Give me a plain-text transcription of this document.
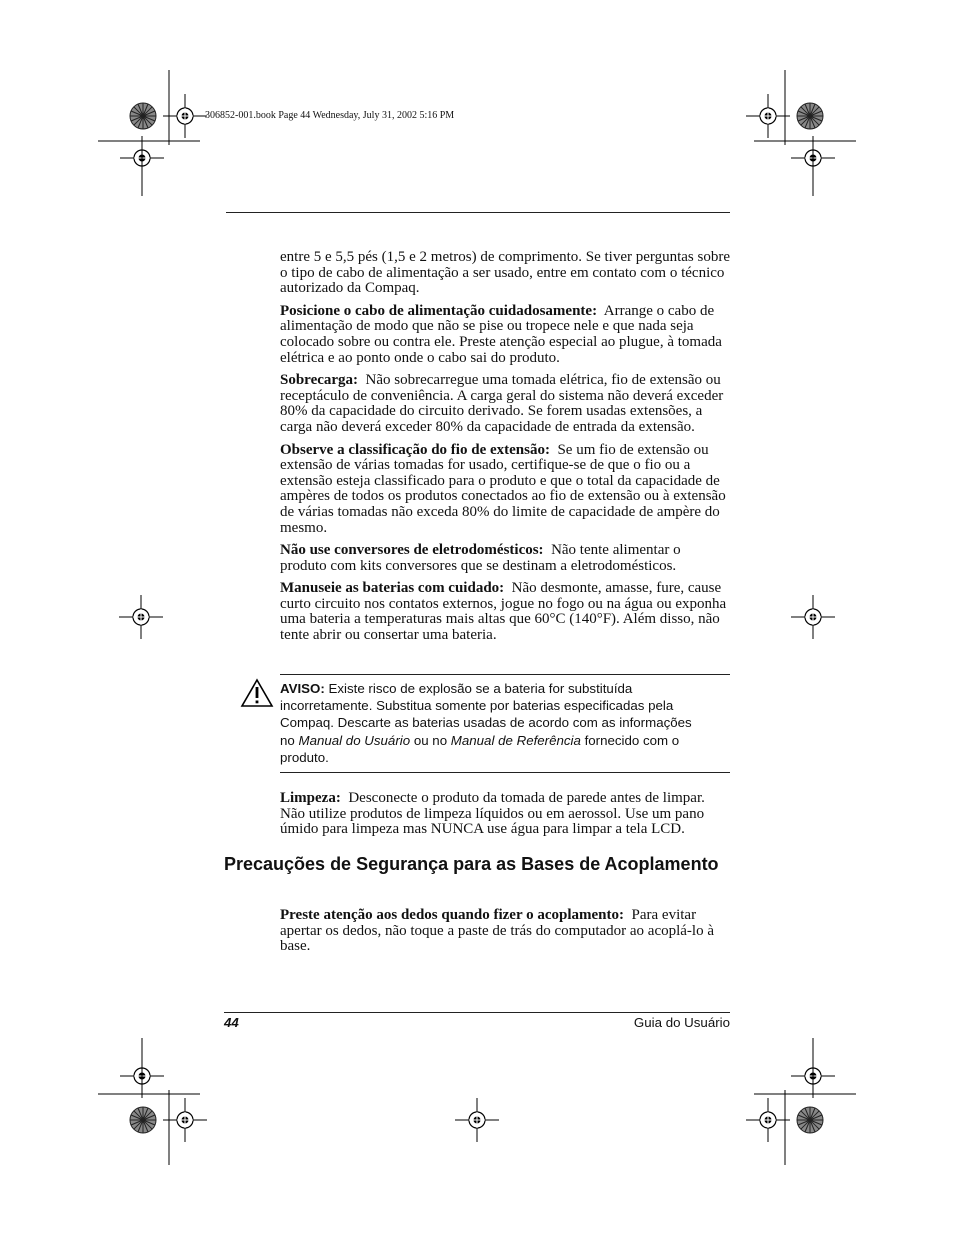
306852-001.book Page 44 Wednesday, July 31, 2002 5:16 PM

entre 5 e 5,5 pés (1,5 e 2 metros) de comprimento. Se tiver perguntas sobre o tipo de cabo de alimentação a ser usado, entre em contato com o técnico autorizado da Compaq.

Posicione o cabo de alimentação cuidadosamente: Arrange o cabo de alimentação de modo que não se pise ou tropece nele e que nada seja colocado sobre ou contra ele. Preste atenção especial ao plugue, à tomada elétrica e ao ponto onde o cabo sai do produto.

Sobrecarga: Não sobrecarregue uma tomada elétrica, fio de extensão ou receptáculo de conveniência. A carga geral do sistema não deverá exceder 80% da capacidade do circuito derivado. Se forem usadas extensões, a carga não deverá exceder 80% da capacidade de entrada da extensão.

Observe a classificação do fio de extensão: Se um fio de extensão ou extensão de várias tomadas for usado, certifique-se de que o fio ou a extensão esteja classificado para o produto e que o total da capacidade de ampères de todos os produtos conectados ao fio de extensão ou à extensão de várias tomadas não exceda 80% do limite de capacidade de ampère do mesmo.

Não use conversores de eletrodomésticos: Não tente alimentar o produto com kits conversores que se destinam a eletrodomésticos.

Manuseie as baterias com cuidado: Não desmonte, amasse, fure, cause curto circuito nos contatos externos, jogue no fogo ou na água ou exponha uma bateria a temperaturas mais altas que 60°C (140°F). Além disso, não tente abrir ou consertar uma bateria.

AVISO: Existe risco de explosão se a bateria for substituída incorretamente. Substitua somente por baterias especificadas pela Compaq. Descarte as baterias usadas de acordo com as informações no Manual do Usuário ou no Manual de Referência fornecido com o produto.

Limpeza: Desconecte o produto da tomada de parede antes de limpar. Não utilize produtos de limpeza líquidos ou em aerossol. Use um pano úmido para limpeza mas NUNCA use água para limpar a tela LCD.

Precauções de Segurança para as Bases de Acoplamento

Preste atenção aos dedos quando fizer o acoplamento: Para evitar apertar os dedos, não toque a paste de trás do computador ao acoplá-lo à base.

44	Guia do Usuário
